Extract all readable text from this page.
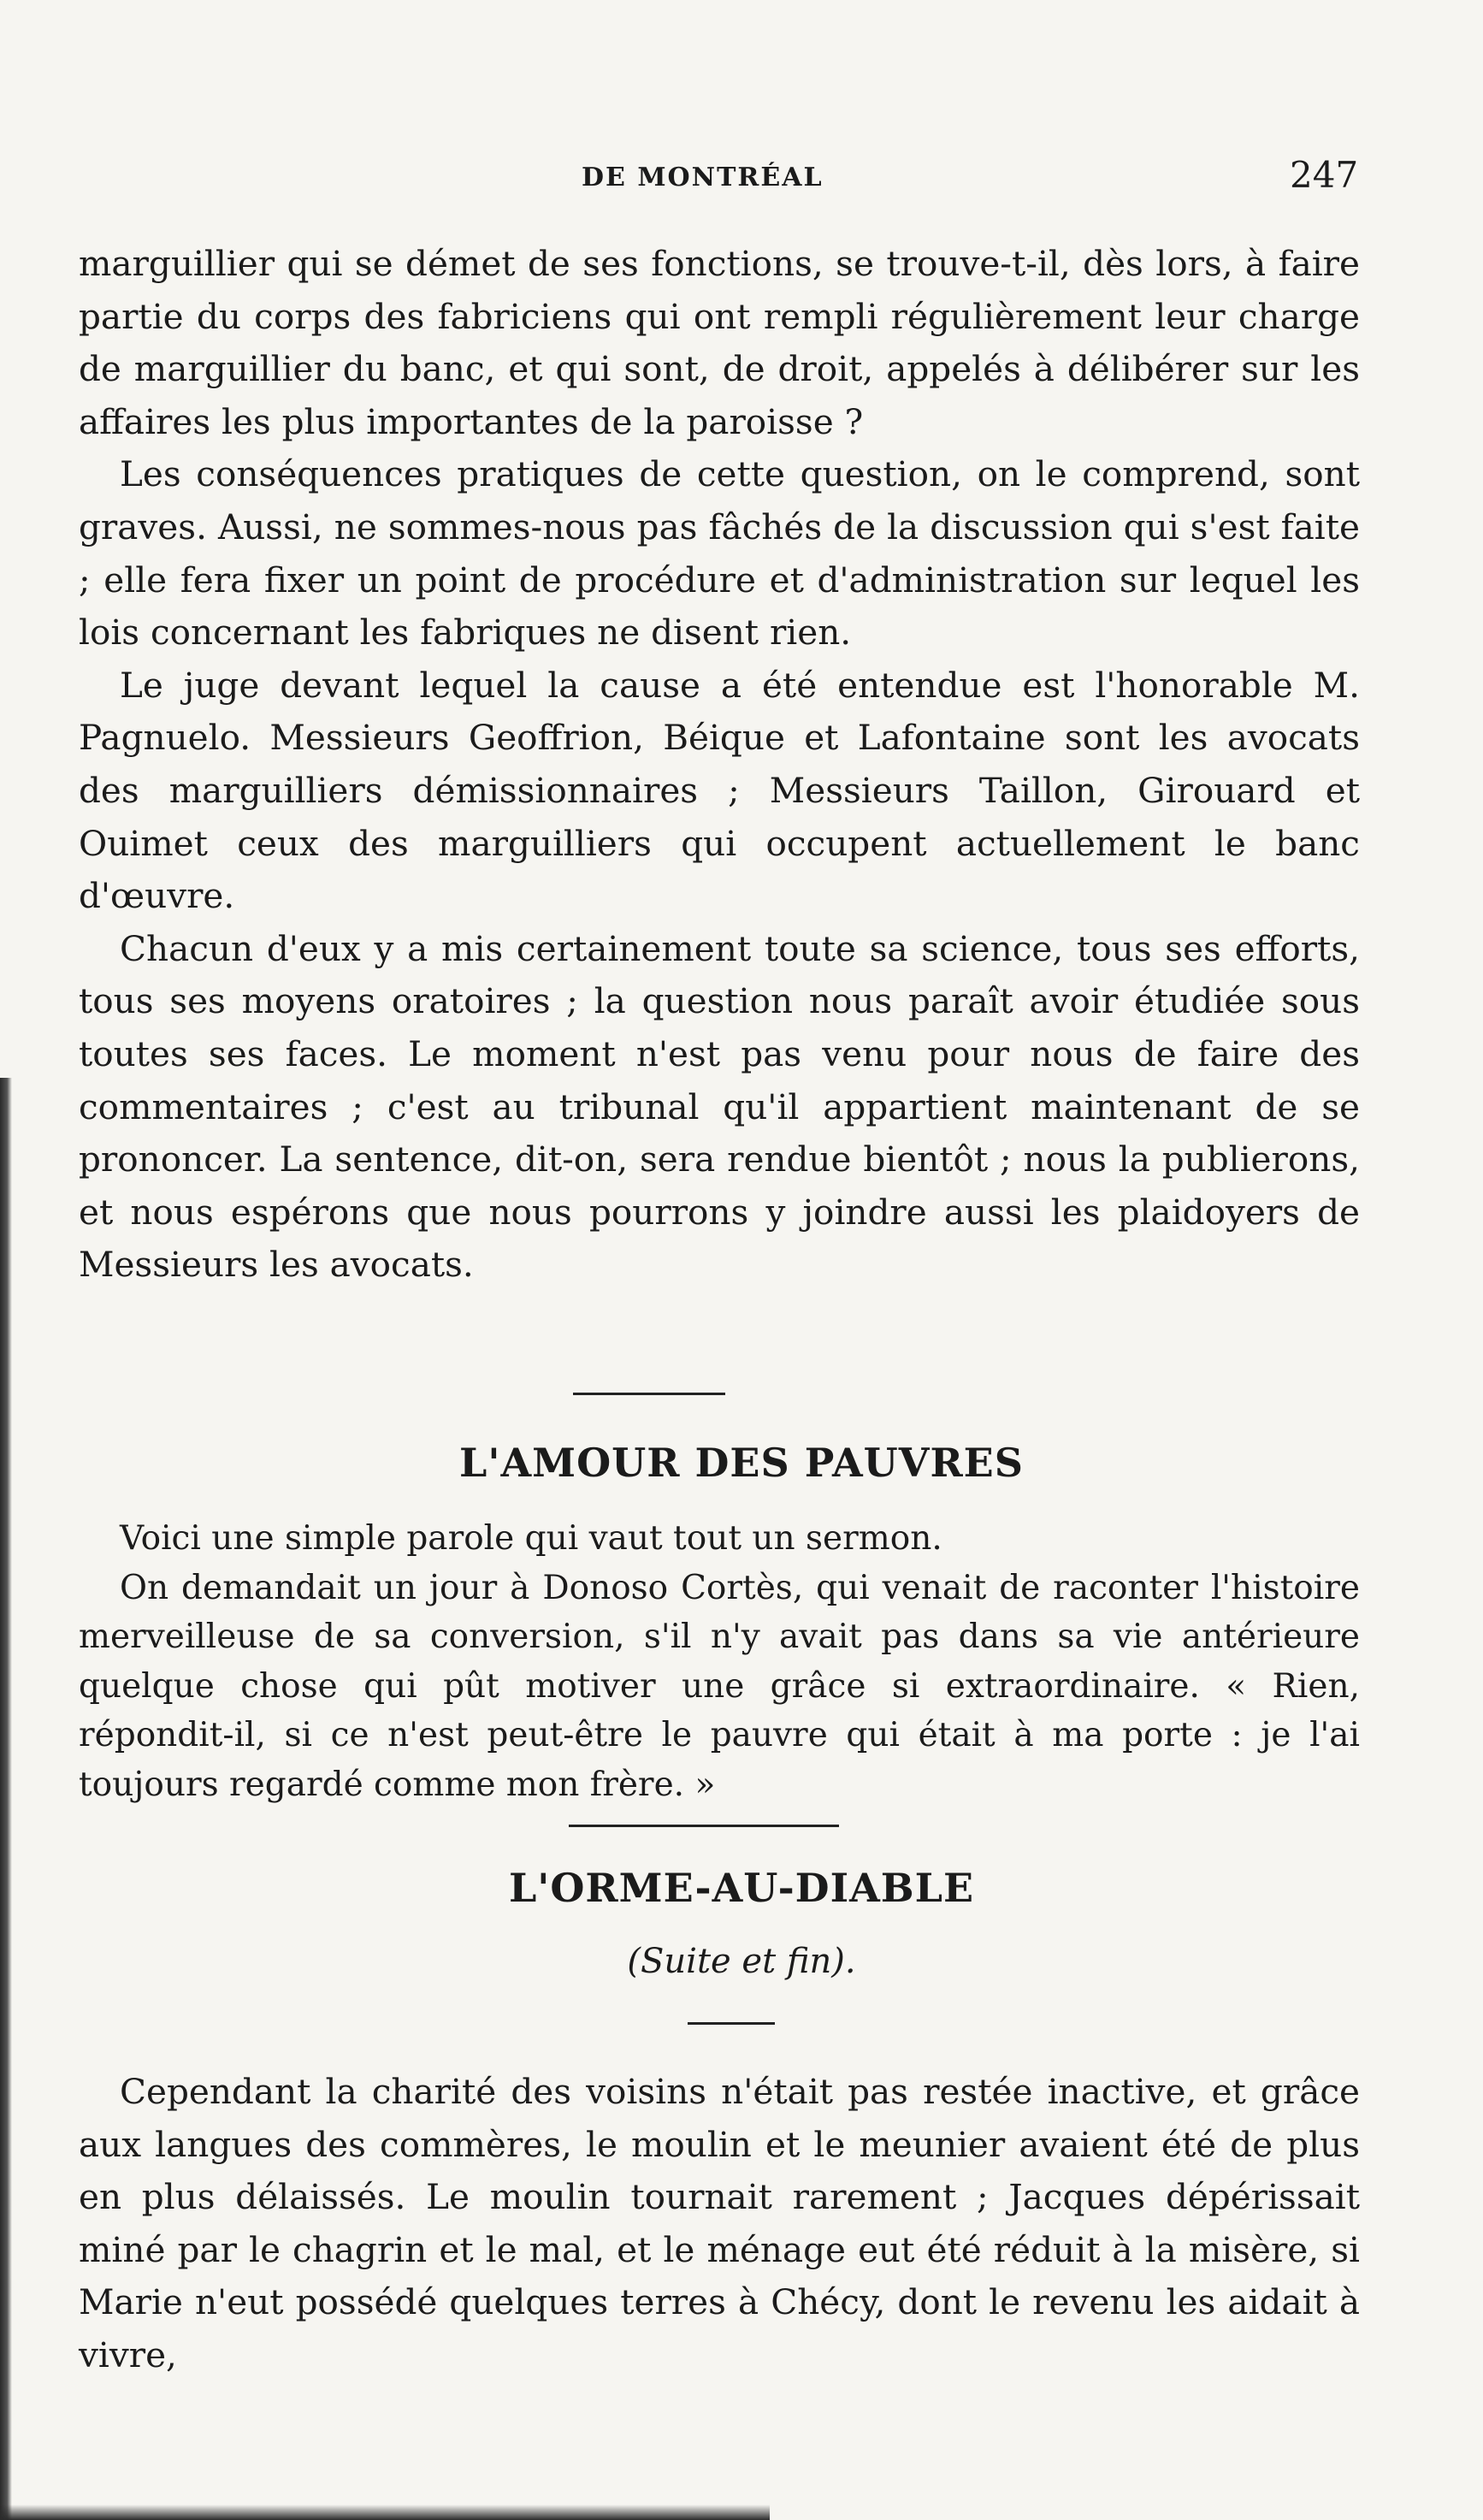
DE MONTRÉAL	247

marguillier qui se démet de ses fonctions, se trouve-t-il, dès lors, à faire partie du corps des fabriciens qui ont rempli régulièrement leur charge de marguillier du banc, et qui sont, de droit, appelés à délibérer sur les affaires les plus importantes de la paroisse ?

Les conséquences pratiques de cette question, on le comprend, sont graves. Aussi, ne sommes-nous pas fâchés de la discussion qui s'est faite ; elle fera fixer un point de procédure et d'administration sur lequel les lois concernant les fabriques ne disent rien.

Le juge devant lequel la cause a été entendue est l'honorable M. Pagnuelo. Messieurs Geoffrion, Béique et Lafontaine sont les avocats des marguilliers démissionnaires ; Messieurs Taillon, Girouard et Ouimet ceux des marguilliers qui occupent actuellement le banc d'œuvre.

Chacun d'eux y a mis certainement toute sa science, tous ses efforts, tous ses moyens oratoires ; la question nous paraît avoir étudiée sous toutes ses faces. Le moment n'est pas venu pour nous de faire des commentaires ; c'est au tribunal qu'il appartient maintenant de se prononcer. La sentence, dit-on, sera rendue bientôt ; nous la publierons, et nous espérons que nous pourrons y joindre aussi les plaidoyers de Messieurs les avocats.

L'AMOUR DES PAUVRES

Voici une simple parole qui vaut tout un sermon.

On demandait un jour à Donoso Cortès, qui venait de raconter l'histoire merveilleuse de sa conversion, s'il n'y avait pas dans sa vie antérieure quelque chose qui pût motiver une grâce si extraordinaire. « Rien, répondit-il, si ce n'est peut-être le pauvre qui était à ma porte : je l'ai toujours regardé comme mon frère. »

L'ORME-AU-DIABLE
(Suite et fin).

Cependant la charité des voisins n'était pas restée inactive, et grâce aux langues des commères, le moulin et le meunier avaient été de plus en plus délaissés. Le moulin tournait rarement ; Jacques dépérissait miné par le chagrin et le mal, et le ménage eut été réduit à la misère, si Marie n'eut possédé quelques terres à Chécy, dont le revenu les aidait à vivre,
